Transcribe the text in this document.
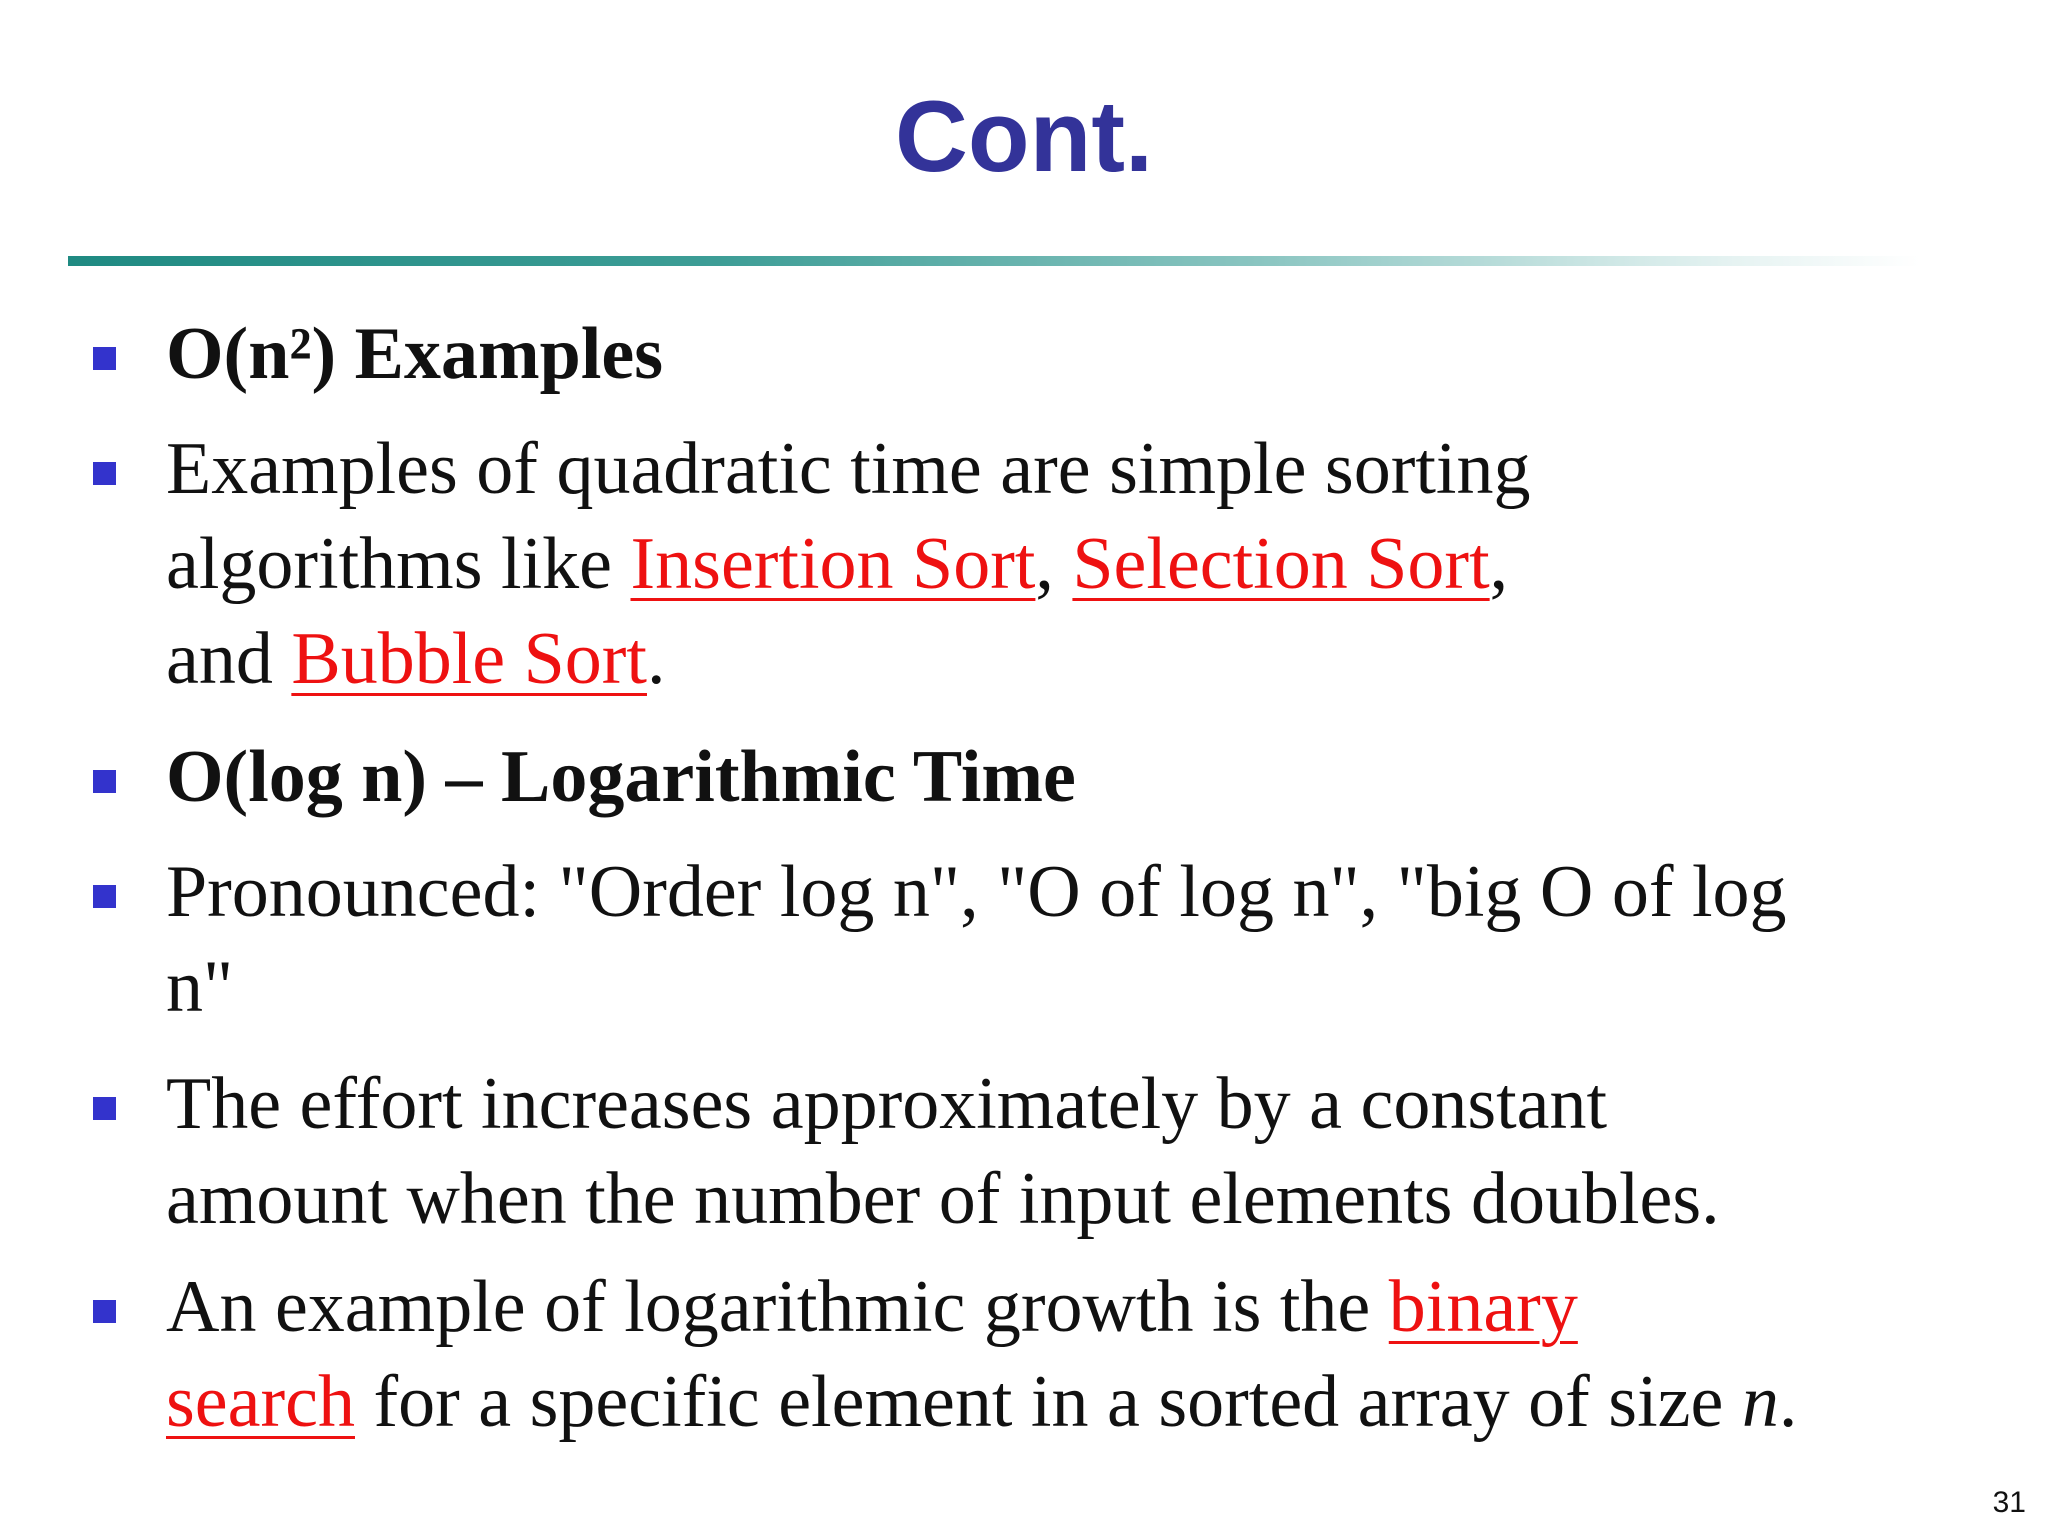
Cont.
O(n²) Examples
Examples of quadratic time are simple sorting
algorithms like Insertion Sort, Selection Sort,
and Bubble Sort.
O(log n) – Logarithmic Time
Pronounced: "Order log n", "O of log n", "big O of log
n"
The effort increases approximately by a constant
amount when the number of input elements doubles.
An example of logarithmic growth is the binary
search for a specific element in a sorted array of size n.
31
